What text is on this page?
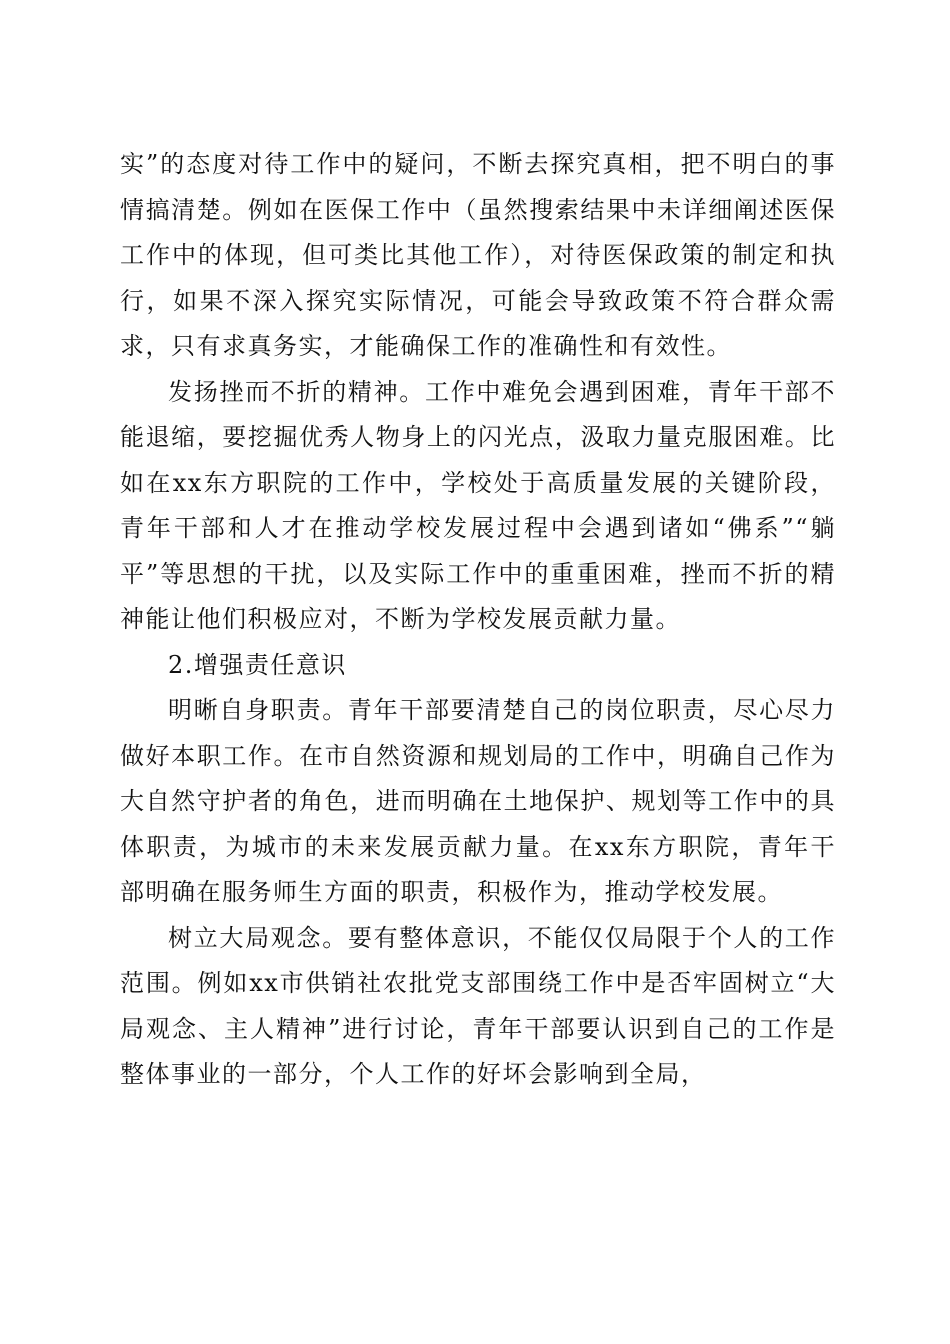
实”的态度对待工作中的疑问，不断去探究真相，把不明白的事情搞清楚。例如在医保工作中（虽然搜索结果中未详细阐述医保工作中的体现，但可类比其他工作），对待医保政策的制定和执行，如果不深入探究实际情况，可能会导致政策不符合群众需求，只有求真务实，才能确保工作的准确性和有效性。

发扬挫而不折的精神。工作中难免会遇到困难，青年干部不能退缩，要挖掘优秀人物身上的闪光点，汲取力量克服困难。比如在xx东方职院的工作中，学校处于高质量发展的关键阶段，青年干部和人才在推动学校发展过程中会遇到诸如“佛系”“躺平”等思想的干扰，以及实际工作中的重重困难，挫而不折的精神能让他们积极应对，不断为学校发展贡献力量。

2.增强责任意识

明晰自身职责。青年干部要清楚自己的岗位职责，尽心尽力做好本职工作。在市自然资源和规划局的工作中，明确自己作为大自然守护者的角色，进而明确在土地保护、规划等工作中的具体职责，为城市的未来发展贡献力量。在xx东方职院，青年干部明确在服务师生方面的职责，积极作为，推动学校发展。

树立大局观念。要有整体意识，不能仅仅局限于个人的工作范围。例如xx市供销社农批党支部围绕工作中是否牢固树立“大局观念、主人精神”进行讨论，青年干部要认识到自己的工作是整体事业的一部分，个人工作的好坏会影响到全局，
